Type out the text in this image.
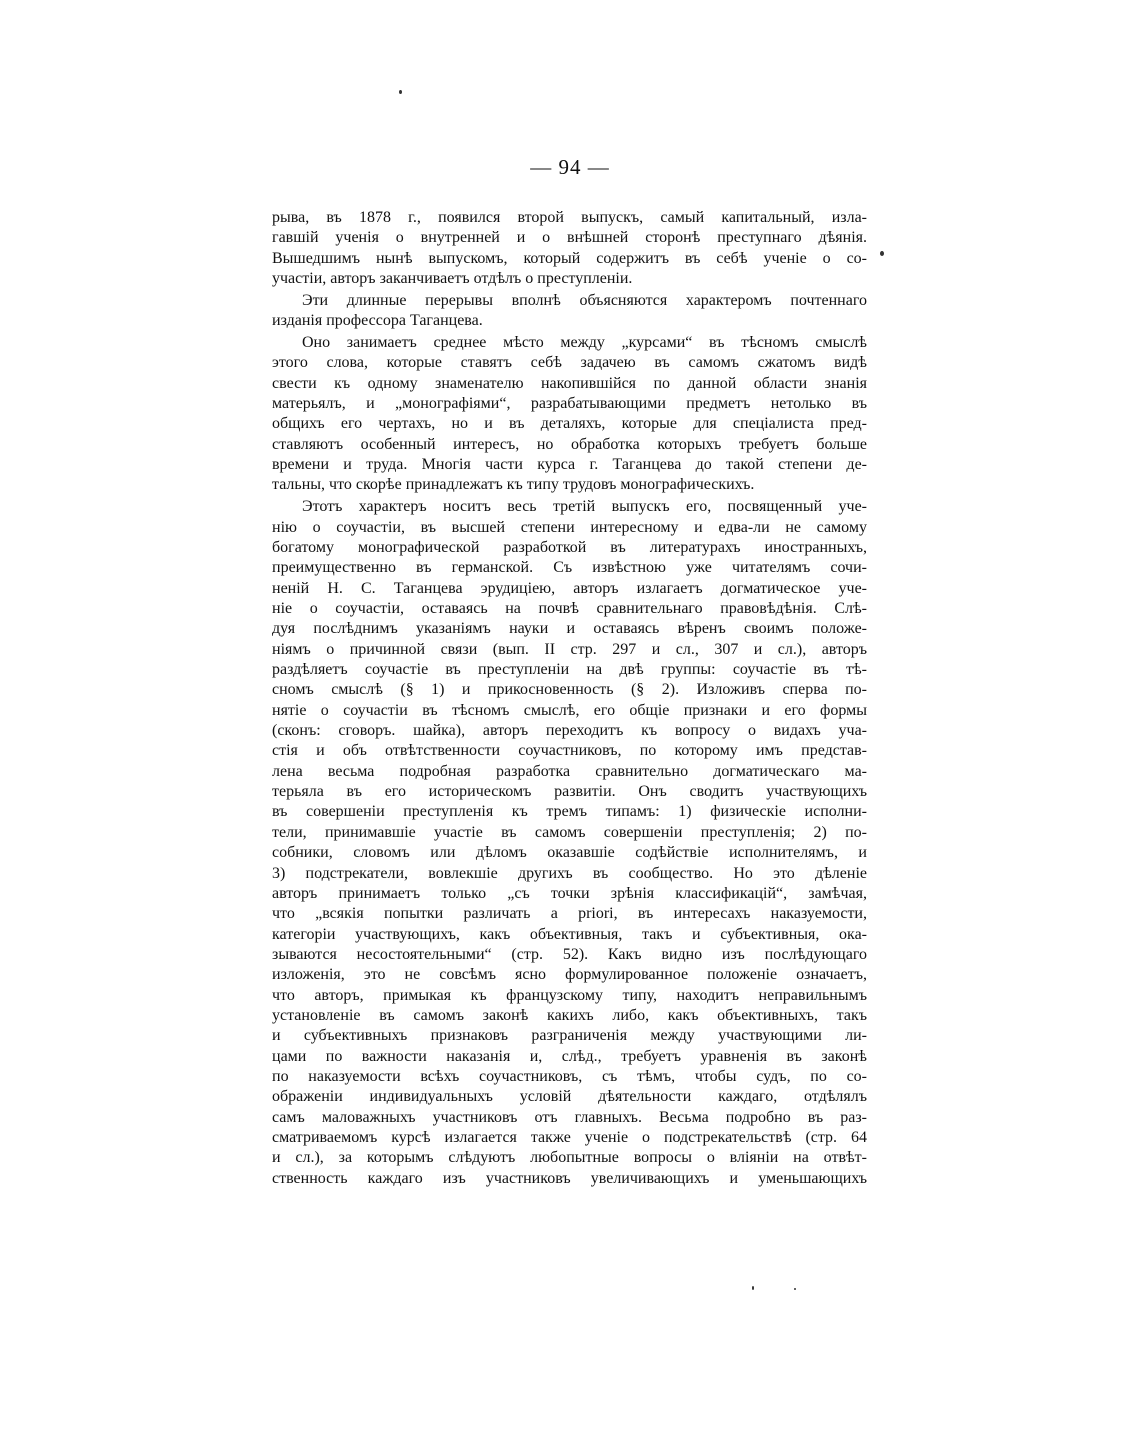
— 94 —
рыва, въ 1878 г., появился второй выпускъ, самый капитальный, изла-
гавшій ученія о внутренней и о внѣшней сторонѣ преступнаго дѣянія.
Вышедшимъ нынѣ выпускомъ, который содержитъ въ себѣ ученіе о со-
участіи, авторъ заканчиваетъ отдѣлъ о преступленіи.
Эти длинные перерывы вполнѣ объясняются характеромъ почтеннаго
изданія профессора Таганцева.
Оно занимаетъ среднее мѣсто между „курсами“ въ тѣсномъ смыслѣ
этого слова, которые ставятъ себѣ задачею въ самомъ сжатомъ видѣ
свести къ одному знаменателю накопившійся по данной области знанія
матерьялъ, и „монографіями“, разрабатывающими предметъ нетолько въ
общихъ его чертахъ, но и въ деталяхъ, которые для спеціалиста пред-
ставляютъ особенный интересъ, но обработка которыхъ требуетъ больше
времени и труда. Многія части курса г. Таганцева до такой степени де-
тальны, что скорѣе принадлежатъ къ типу трудовъ монографическихъ.
Этотъ характеръ носитъ весь третій выпускъ его, посвященный уче-
нію о соучастіи, въ высшей степени интересному и едва-ли не самому
богатому монографической разработкой въ литературахъ иностранныхъ,
преимущественно въ германской. Съ извѣстною уже читателямъ сочи-
неній Н. С. Таганцева эрудиціею, авторъ излагаетъ догматическое уче-
ніе о соучастіи, оставаясь на почвѣ сравнительнаго правовѣдѣнія. Слѣ-
дуя послѣднимъ указаніямъ науки и оставаясь вѣренъ своимъ положе-
ніямъ о причинной связи (вып. II стр. 297 и сл., 307 и сл.), авторъ
раздѣляетъ соучастіе въ преступленіи на двѣ группы: соучастіе въ тѣ-
сномъ смыслѣ (§ 1) и прикосновенность (§ 2). Изложивъ сперва по-
нятіе о соучастіи въ тѣсномъ смыслѣ, его общіе признаки и его формы
(сконъ: сговоръ. шайка), авторъ переходитъ къ вопросу о видахъ уча-
стія и объ отвѣтственности соучастниковъ, по которому имъ представ-
лена весьма подробная разработка сравнительно догматическаго ма-
терьяла въ его историческомъ развитіи. Онъ сводитъ участвующихъ
въ совершеніи преступленія къ тремъ типамъ: 1) физическіе исполни-
тели, принимавшіе участіе въ самомъ совершеніи преступленія; 2) по-
собники, словомъ или дѣломъ оказавшіе содѣйствіе исполнителямъ, и
3) подстрекатели, вовлекшіе другихъ въ сообщество. Но это дѣленіе
авторъ принимаетъ только „съ точки зрѣнія классификацій“, замѣчая,
что „всякія попытки различать a priori, въ интересахъ наказуемости,
категоріи участвующихъ, какъ объективныя, такъ и субъективныя, ока-
зываются несостоятельными“ (стр. 52). Какъ видно изъ послѣдующаго
изложенія, это не совсѣмъ ясно формулированное положеніе означаетъ,
что авторъ, примыкая къ французскому типу, находитъ неправильнымъ
установленіе въ самомъ законѣ какихъ либо, какъ объективныхъ, такъ
и субъективныхъ признаковъ разграниченія между участвующими ли-
цами по важности наказанія и, слѣд., требуетъ уравненія въ законѣ
по наказуемости всѣхъ соучастниковъ, съ тѣмъ, чтобы судъ, по со-
ображеніи индивидуальныхъ условій дѣятельности каждаго, отдѣлялъ
самъ маловажныхъ участниковъ отъ главныхъ. Весьма подробно въ раз-
сматриваемомъ курсѣ излагается также ученіе о подстрекательствѣ (стр. 64
и сл.), за которымъ слѣдуютъ любопытные вопросы о вліяніи на отвѣт-
ственность каждаго изъ участниковъ увеличивающихъ и уменьшающихъ
